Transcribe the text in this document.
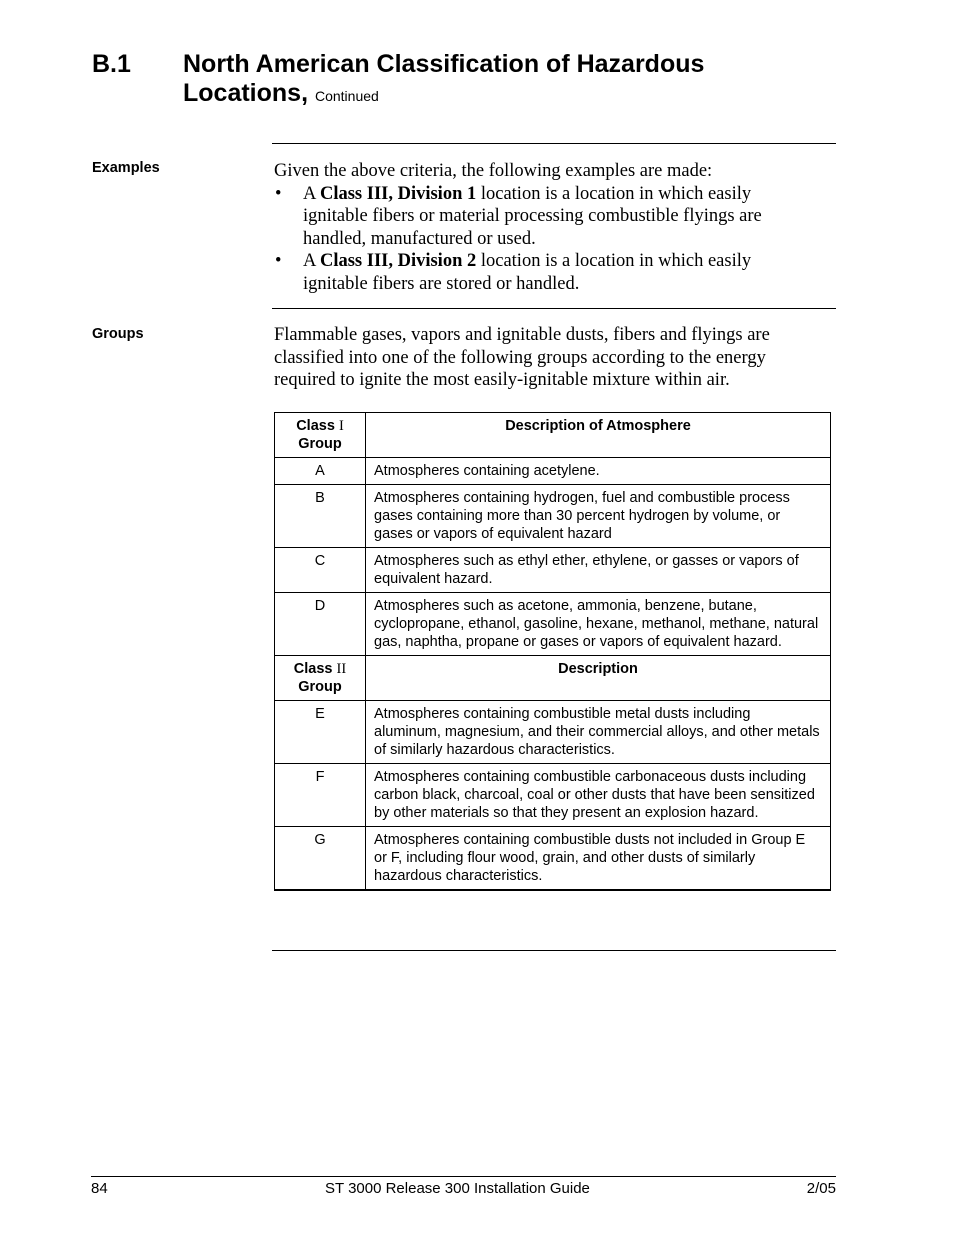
B.1 North American Classification of Hazardous
Locations, Continued
Examples	Given the above criteria, the following examples are made:

• A Class III, Division 1 location is a location in which easily ignitable fibers or material processing combustible flyings are handled, manufactured or used.
• A Class III, Division 2 location is a location in which easily ignitable fibers are stored or handled.
Groups	Flammable gases, vapors and ignitable dusts, fibers and flyings are classified into one of the following groups according to the energy required to ignite the most easily-ignitable mixture within air.
Class I
Group	Description of Atmosphere
A	Atmospheres containing acetylene.
B	Atmospheres containing hydrogen, fuel and combustible process gases containing more than 30 percent hydrogen by volume, or gases or vapors of equivalent hazard
C	Atmospheres such as ethyl ether, ethylene, or gasses or vapors of equivalent hazard.
D	Atmospheres such as acetone, ammonia, benzene, butane, cyclopropane, ethanol, gasoline, hexane, methanol, methane, natural gas, naphtha, propane or gases or vapors of equivalent hazard.
Class II
Group	Description
E	Atmospheres containing combustible metal dusts including aluminum, magnesium, and their commercial alloys, and other metals of similarly hazardous characteristics.
F	Atmospheres containing combustible carbonaceous dusts including carbon black, charcoal, coal or other dusts that have been sensitized by other materials so that they present an explosion hazard.
G	Atmospheres containing combustible dusts not included in Group E or F, including flour wood, grain, and other dusts of similarly hazardous characteristics.
84	ST 3000 Release 300 Installation Guide	2/05
